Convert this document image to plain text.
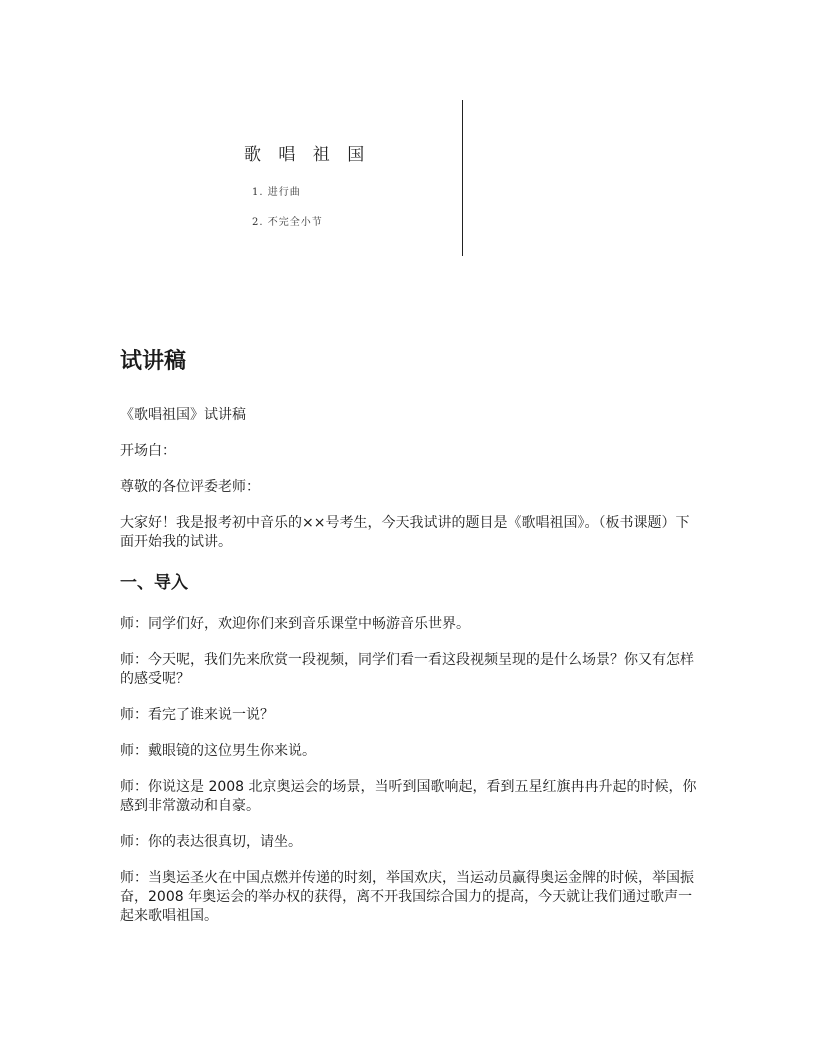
歌 唱 祖 国
1. 进行曲
2. 不完全小节
试讲稿

《歌唱祖国》试讲稿

开场白：

尊敬的各位评委老师：

大家好！我是报考初中音乐的××号考生，今天我试讲的题目是《歌唱祖国》。（板书课题）下面开始我的试讲。

一、导入

师：同学们好，欢迎你们来到音乐课堂中畅游音乐世界。

师：今天呢，我们先来欣赏一段视频，同学们看一看这段视频呈现的是什么场景？你又有怎样的感受呢？

师：看完了谁来说一说？

师：戴眼镜的这位男生你来说。

师：你说这是 2008 北京奥运会的场景，当听到国歌响起，看到五星红旗冉冉升起的时候，你感到非常激动和自豪。

师：你的表达很真切，请坐。

师：当奥运圣火在中国点燃并传递的时刻，举国欢庆，当运动员赢得奥运金牌的时候，举国振奋，2008 年奥运会的举办权的获得，离不开我国综合国力的提高，今天就让我们通过歌声一起来歌唱祖国。
